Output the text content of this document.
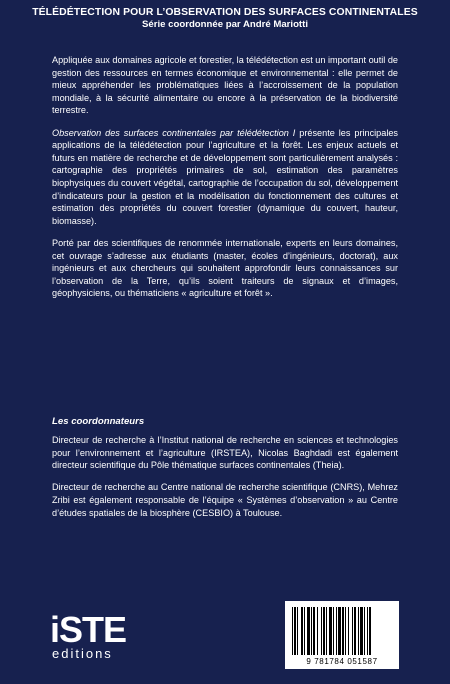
TÉLÉDÉTECTION POUR L’OBSERVATION DES SURFACES CONTINENTALES
Série coordonnée par André Mariotti

Appliquée aux domaines agricole et forestier, la télédétection est un important outil de gestion des ressources en termes économique et environnemental : elle permet de mieux appréhender les problématiques liées à l’accroissement de la population mondiale, à la sécurité alimentaire ou encore à la préservation de la biodiversité terrestre.

Observation des surfaces continentales par télédétection I présente les principales applications de la télédétection pour l’agriculture et la forêt. Les enjeux actuels et futurs en matière de recherche et de développement sont particulièrement analysés : cartographie des propriétés primaires de sol, estimation des paramètres biophysiques du couvert végétal, cartographie de l’occupation du sol, développement d’indicateurs pour la gestion et la modélisation du fonctionnement des cultures et estimation des propriétés du couvert forestier (dynamique du couvert, hauteur, biomasse).

Porté par des scientifiques de renommée internationale, experts en leurs domaines, cet ouvrage s’adresse aux étudiants (master, écoles d’ingénieurs, doctorat), aux ingénieurs et aux chercheurs qui souhaitent approfondir leurs connaissances sur l’observation de la Terre, qu’ils soient traiteurs de signaux et d’images, géophysiciens, ou thématiciens « agriculture et forêt ».

Les coordonnateurs

Directeur de recherche à l’Institut national de recherche en sciences et technologies pour l’environnement et l’agriculture (IRSTEA), Nicolas Baghdadi est également directeur scientifique du Pôle thématique surfaces continentales (Theia).

Directeur de recherche au Centre national de recherche scientifique (CNRS), Mehrez Zribi est également responsable de l’équipe « Systèmes d’observation » au Centre d’études spatiales de la biosphère (CESBIO) à Toulouse.

iSTE
editions
9 781784 051587
